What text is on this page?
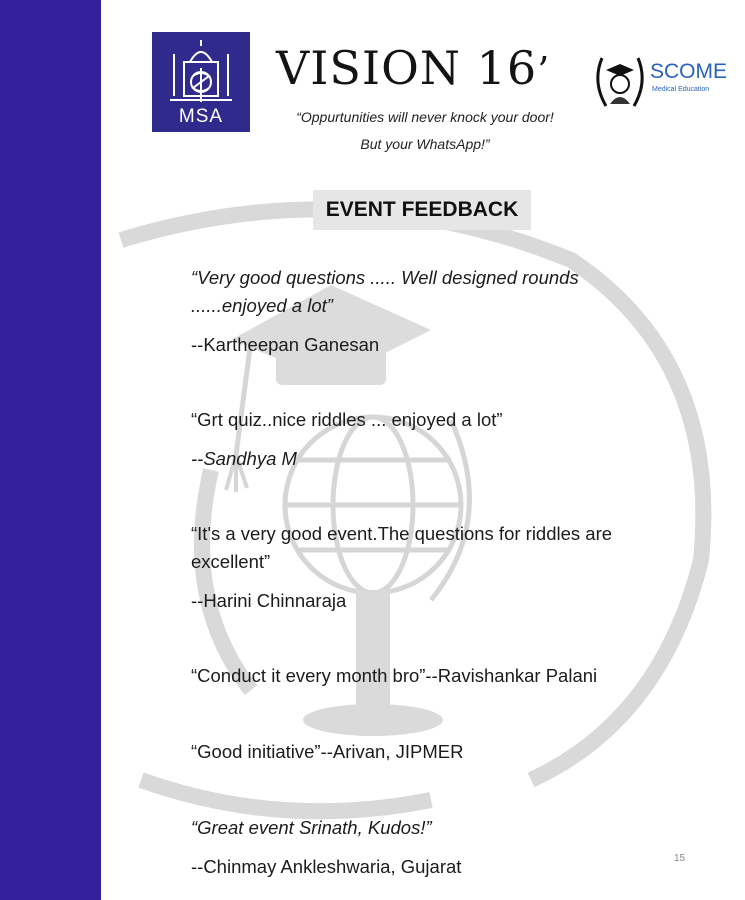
MSA
VISION 16’	SCOME
Medical Education
“Oppurtunities will never knock your door!
But your WhatsApp!”
EVENT FEEDBACK
“Very good questions ..... Well designed rounds
......enjoyed a lot”
--Kartheepan Ganesan
“Grt quiz..nice riddles ... enjoyed a lot”
--Sandhya M
“It's a very good event.The questions for riddles are
excellent”
--Harini Chinnaraja
“Conduct it every month bro”--Ravishankar Palani
“Good initiative”--Arivan, JIPMER
“Great event Srinath, Kudos!”
--Chinmay Ankleshwaria, Gujarat	15
